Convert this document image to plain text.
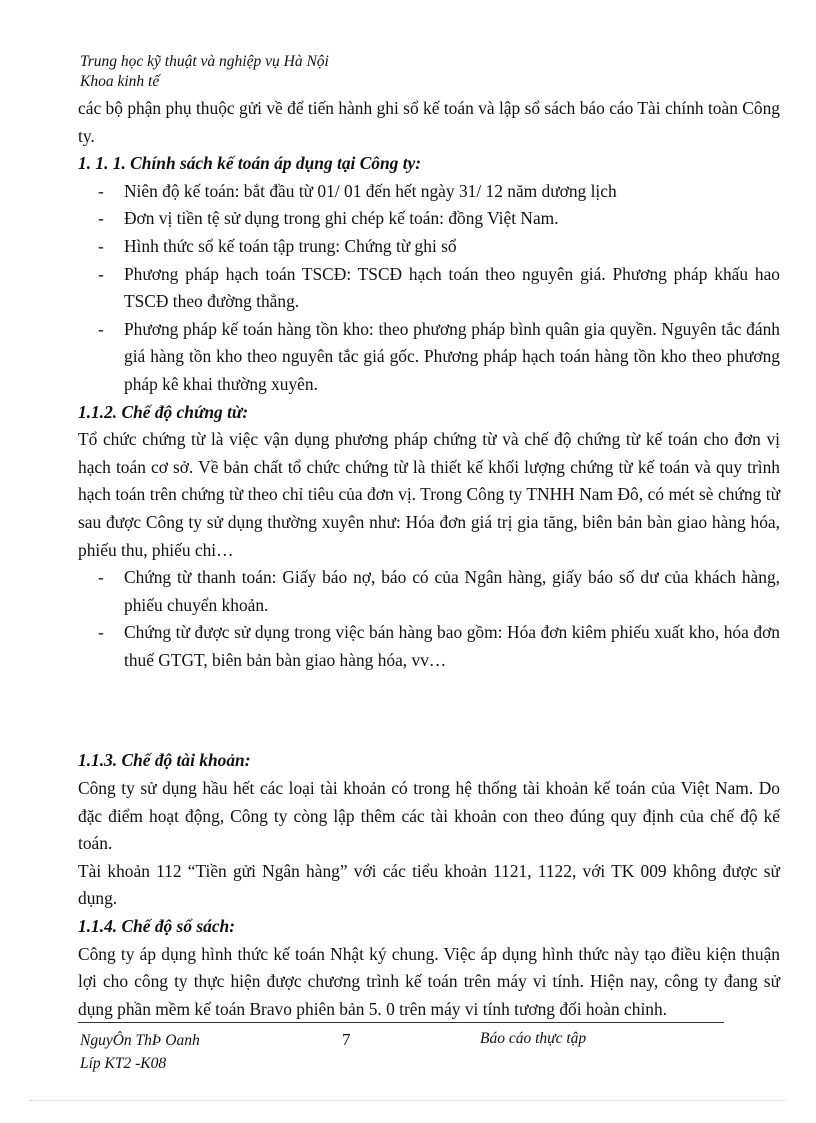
Trung học kỹ thuật và nghiệp vụ Hà Nội
Khoa kinh tế

các bộ phận phụ thuộc gửi về để tiến hành ghi sổ kế toán và lập sổ sách báo cáo Tài chính toàn Công ty.

1. 1. 1. Chính sách kế toán áp dụng tại Công ty:

- Niên độ kế toán: bắt đầu từ 01/ 01 đến hết ngày 31/ 12 năm dương lịch
- Đơn vị tiền tệ sử dụng trong ghi chép kế toán: đồng Việt Nam.
- Hình thức sổ kế toán tập trung: Chứng từ ghi sổ
- Phương pháp hạch toán TSCĐ: TSCĐ hạch toán theo nguyên giá. Phương pháp khấu hao TSCĐ theo đường thẳng.
- Phương pháp kế toán hàng tồn kho: theo phương pháp bình quân gia quyền. Nguyên tắc đánh giá hàng tồn kho theo nguyên tắc giá gốc. Phương pháp hạch toán hàng tồn kho theo phương pháp kê khai thường xuyên.

1.1.2. Chế độ chứng từ:

Tổ chức chứng từ là việc vận dụng phương pháp chứng từ và chế độ chứng từ kế toán cho đơn vị hạch toán cơ sở. Về bản chất tổ chức chứng từ là thiết kế khối lượng chứng từ kế toán và quy trình hạch toán trên chứng từ theo chỉ tiêu của đơn vị. Trong Công ty TNHH Nam Đô, có mét sè chứng từ sau được Công ty sử dụng thường xuyên như: Hóa đơn giá trị gia tăng, biên bản bàn giao hàng hóa, phiếu thu, phiếu chi…

- Chứng từ thanh toán: Giấy báo nợ, báo có của Ngân hàng, giấy báo số dư của khách hàng, phiếu chuyển khoản.
- Chứng từ được sử dụng trong việc bán hàng bao gồm: Hóa đơn kiêm phiếu xuất kho, hóa đơn thuế GTGT, biên bản bàn giao hàng hóa, vv…

1.1.3. Chế độ tài khoản:

Công ty sử dụng hầu hết các loại tài khoản có trong hệ thống tài khoản kế toán của Việt Nam. Do đặc điểm hoạt động, Công ty còng lập thêm các tài khoản con theo đúng quy định của chế độ kế toán.

Tài khoản 112 “Tiền gửi Ngân hàng” với các tiểu khoản 1121, 1122, với TK 009 không được sử dụng.

1.1.4. Chế độ sổ sách:

Công ty áp dụng hình thức kế toán Nhật ký chung. Việc áp dụng hình thức này tạo điều kiện thuận lợi cho công ty thực hiện được chương trình kế toán trên máy vi tính. Hiện nay, công ty đang sử dụng phần mềm kế toán Bravo phiên bản 5. 0 trên máy vi tính tương đối hoàn chỉnh.

NguyÔn ThÞ Oanh
Líp KT2 -K08
7	Báo cáo thực tập
